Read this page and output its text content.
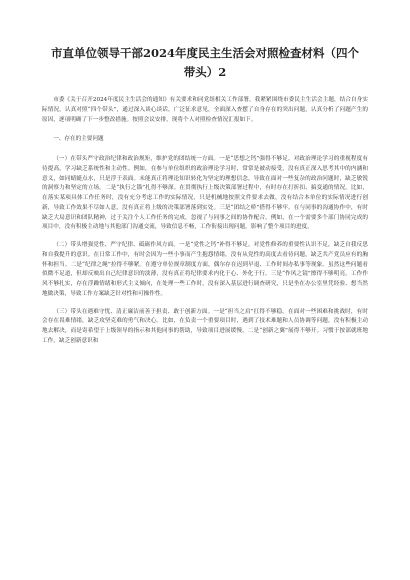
市直单位领导干部2024年度民主生活会对照检查材料（四个带头）2

市委《关于召开2024年度民主生活会的通知》有关要求和同党组相关工作部署，我紧紧围绕市委民主生活会主题，结合自身实际情况，认真对照“四个带头”，通过深入谈心谈话，广泛征求意见，全面深入查摆了自身存在的突出问题，认真分析了问题产生的原因，逐项明确了下一步整改措施。按照会议安排，现将个人对照检查情况汇报如下。

一、存在的主要问题

（一）在带头严守政治纪律和政治规矩，维护党的团结统一方面。一是“思想之钙”强得不够足。对政治理论学习的重视程度有待提高，学习缺乏系统性和主动性。例如，在参与单位组织的政治理论学习时，常常是被动接受，没有真正深入思考其中的内涵和意义，如同蜻蜓点水，只是浮于表面。未能真正将理论知识转化为坚定的理想信念，导致在面对一些复杂的政治问题时，缺乏敏锐的洞察力和坚定的立场。二是“执行之锚”扎得不够深。在贯彻执行上级决策部署过程中，有时存在打折扣、搞变通的情况。比如，在落实某项具体工作任务时，没有充分考虑工作的实际情况，只是机械地按照文件要求去做，没有结合本单位的实际情况进行创新，导致工作效果不尽如人意，没有真正将上级的决策部署落到实处。三是“团结之桥”搭得不够牢。在与同事的沟通协作中，有时缺乏大局意识和团队精神，过于关注个人工作任务的完成，忽视了与同事之间的协作配合。例如，在一个需要多个部门协同完成的项目中，没有积极主动地与其他部门沟通交流，导致信息不畅，工作衔接出现问题，影响了整个项目的进度。

（二）带头增强党性、严守纪律、砥砺作风方面。一是“党性之钙”补得不够足。对党性修养的重要性认识不足，缺乏自我反思和自我提升的意识。在日常工作中，有时会因为一些小事而产生抱怨情绪，没有从党性的高度去看待问题，缺乏共产党员应有的胸怀和担当。二是“纪律之绳”拉得不够紧。在遵守单位规章制度方面，偶尔存在迟到早退、工作时间办私事等现象。虽然这些问题看似微不足道，但却反映出自己纪律意识的淡薄，没有真正将纪律要求内化于心、外化于行。三是“作风之镜”擦得不够明亮。工作作风不够扎实，存在浮躁情绪和形式主义倾向，在处理一些工作时，没有深入基层进行调查研究，只是坐在办公室里凭经验、想当然地做决策，导致工作方案缺乏针对性和可操作性。

（三）带头在遇难守忧、清正廉洁前善于担责、敢于创新方面。一是“担当之肩”扛得不够稳。在面对一些困难和挑战时，有时会存在畏难情绪，缺乏攻坚克难的勇气和决心。比如，在负责一个重要项目时，遇到了技术难题和人员协调等问题，没有积极主动地去解决，而是寄希望于上级领导的指示和其他同事的帮助，导致项目进展缓慢。二是“创新之翼”展得不够开。习惯于按部就班地工作，缺乏创新意识和
